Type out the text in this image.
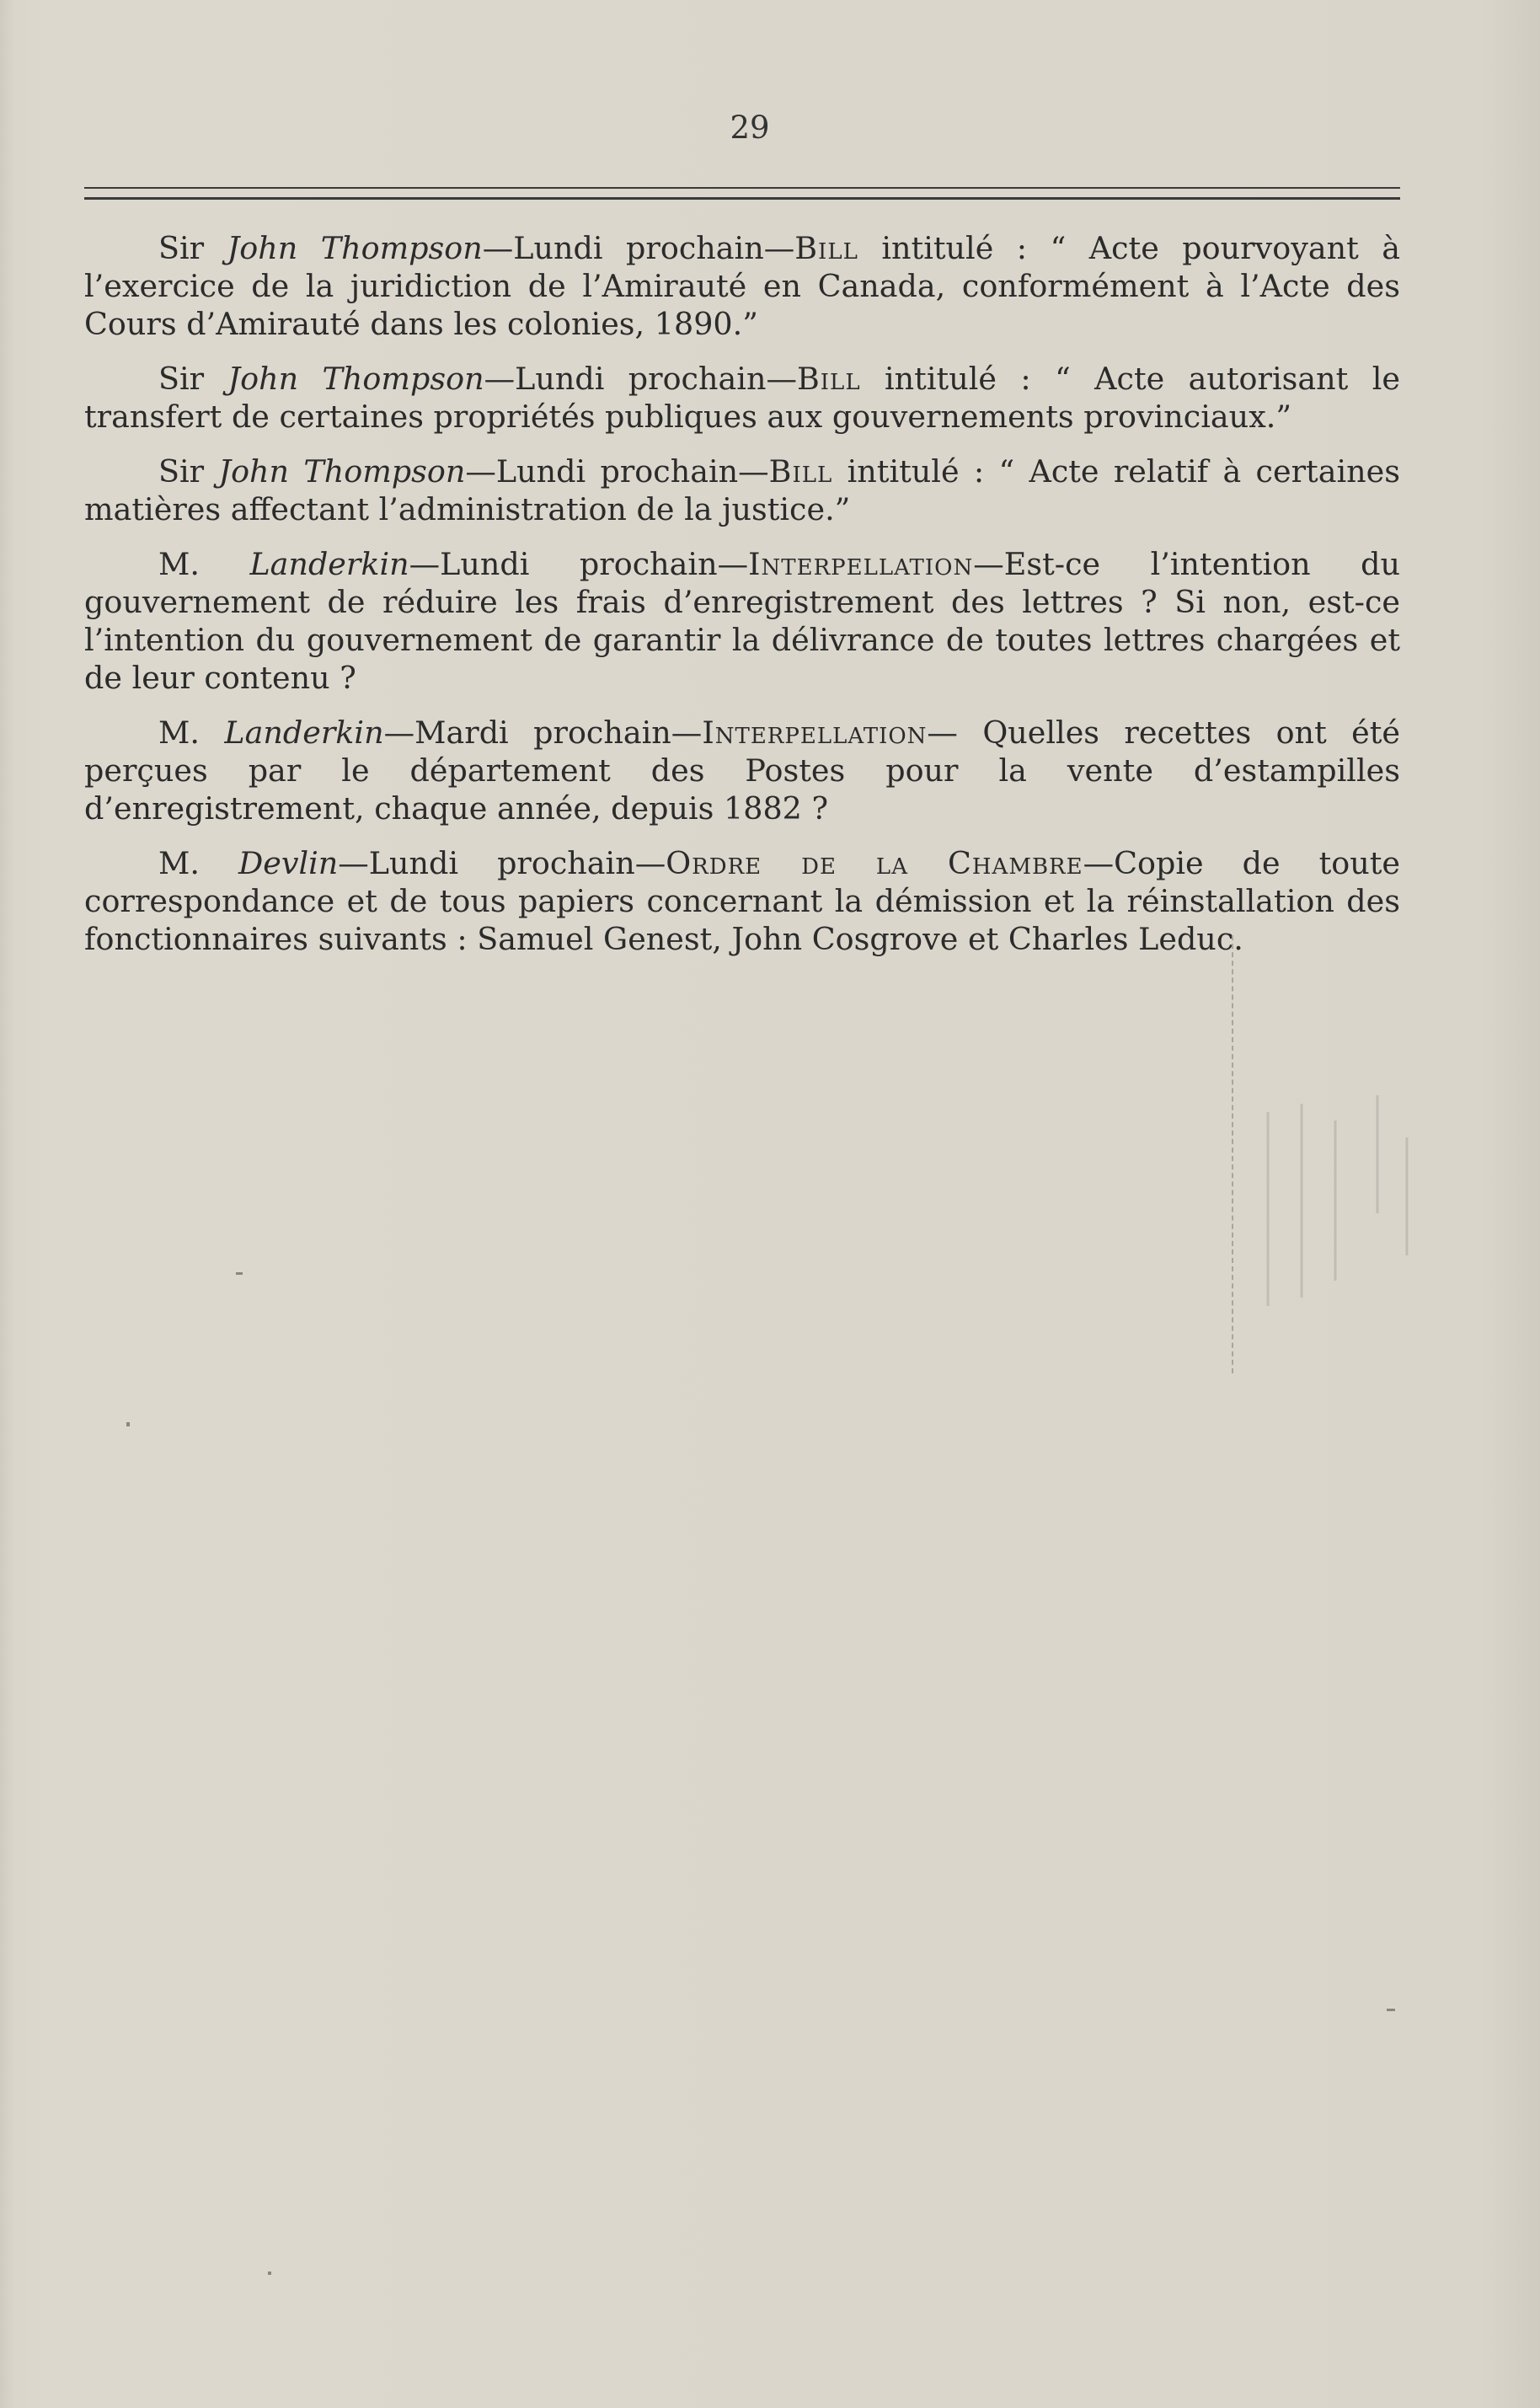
29

Sir John Thompson—Lundi prochain—Bill intitulé : “ Acte pourvoyant à l’exercice de la juridiction de l’Amirauté en Canada, conformément à l’Acte des Cours d’Amirauté dans les colonies, 1890.”

Sir John Thompson—Lundi prochain—Bill intitulé : “ Acte autorisant le transfert de certaines propriétés publiques aux gouvernements provinciaux.”

Sir John Thompson—Lundi prochain—Bill intitulé : “ Acte relatif à certaines matières affectant l’administration de la justice.”

M. Landerkin—Lundi prochain—Interpellation—Est-ce l’intention du gouvernement de réduire les frais d’enregistrement des lettres ? Si non, est-ce l’intention du gouvernement de garantir la délivrance de toutes lettres chargées et de leur contenu ?

M. Landerkin—Mardi prochain—Interpellation— Quelles recettes ont été perçues par le département des Postes pour la vente d’estampilles d’enregistrement, chaque année, depuis 1882 ?

M. Devlin—Lundi prochain—Ordre de la Chambre—Copie de toute correspondance et de tous papiers concernant la démission et la réinstallation des fonctionnaires suivants : Samuel Genest, John Cosgrove et Charles Leduc.
